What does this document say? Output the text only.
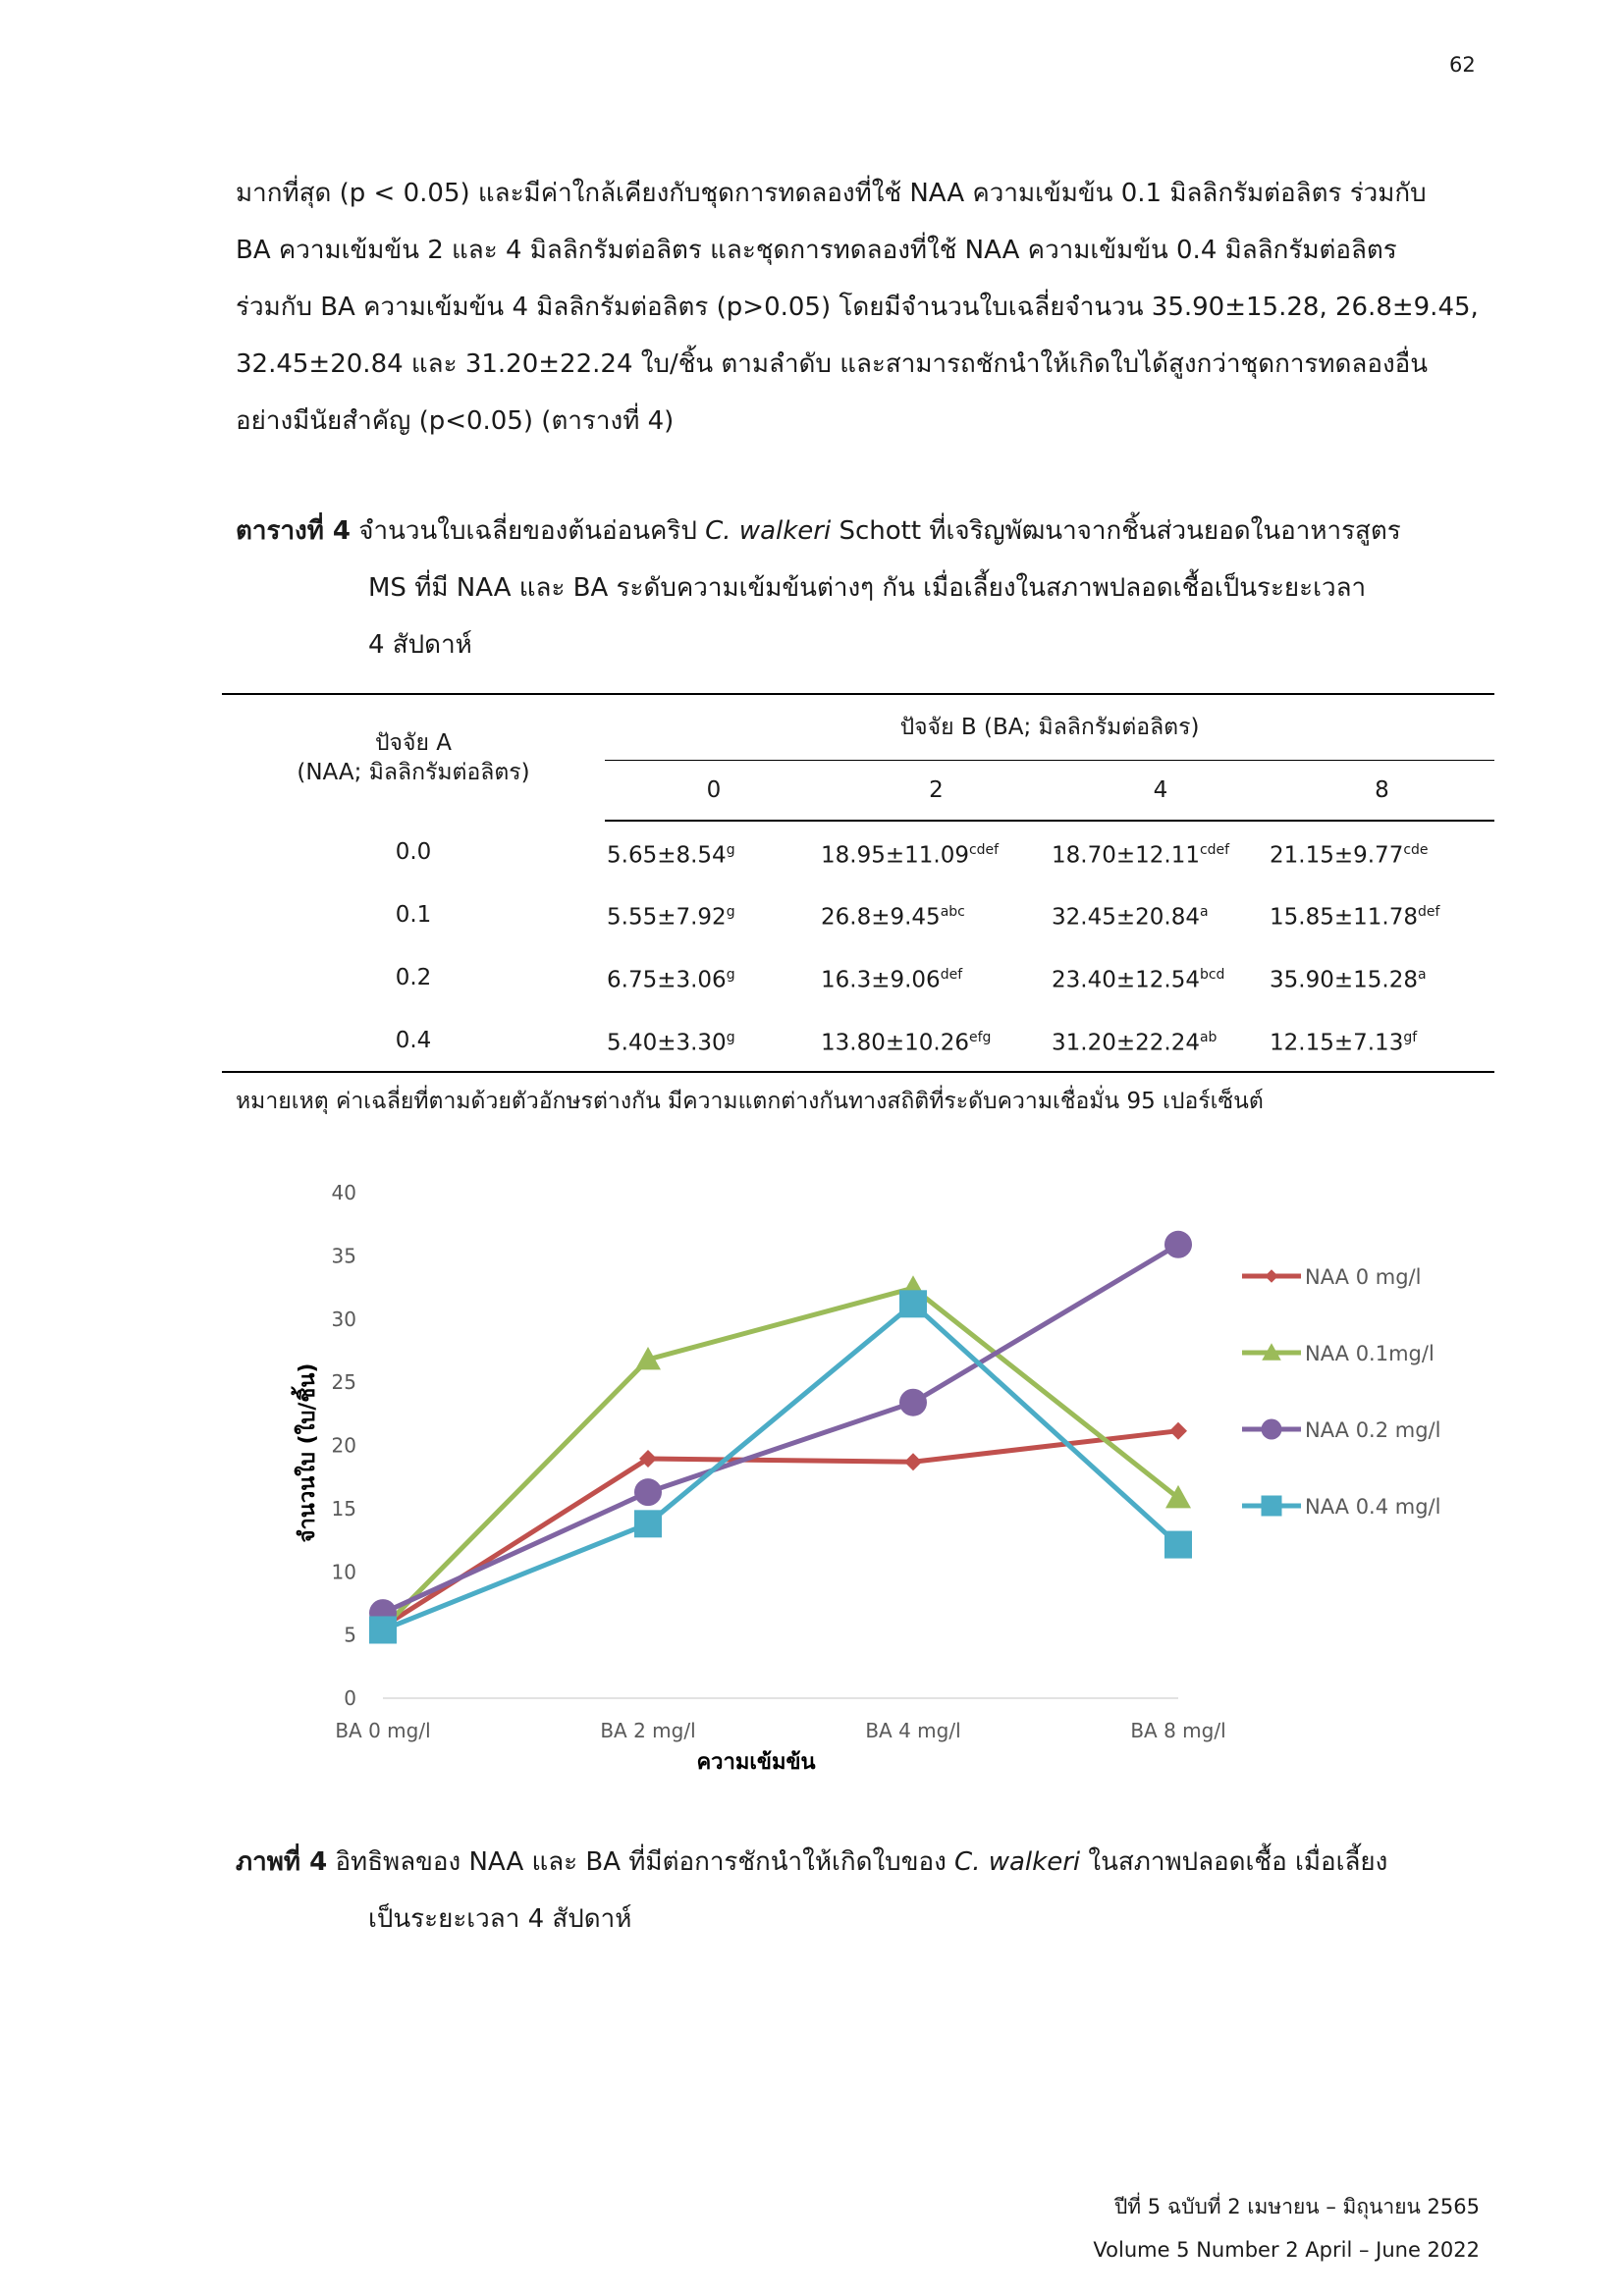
62
มากที่สุด (p < 0.05) และมีค่าใกล้เคียงกับชุดการทดลองที่ใช้ NAA ความเข้มข้น 0.1 มิลลิกรัมต่อลิตร ร่วมกับ
BA ความเข้มข้น 2 และ 4 มิลลิกรัมต่อลิตร และชุดการทดลองที่ใช้ NAA ความเข้มข้น 0.4 มิลลิกรัมต่อลิตร
ร่วมกับ BA ความเข้มข้น 4 มิลลิกรัมต่อลิตร (p>0.05) โดยมีจำนวนใบเฉลี่ยจำนวน 35.90±15.28, 26.8±9.45,
32.45±20.84 และ 31.20±22.24 ใบ/ชิ้น ตามลำดับ และสามารถชักนำให้เกิดใบได้สูงกว่าชุดการทดลองอื่น
อย่างมีนัยสำคัญ (p<0.05) (ตารางที่ 4)
ตารางที่ 4 จำนวนใบเฉลี่ยของต้นอ่อนคริป C. walkeri Schott ที่เจริญพัฒนาจากชิ้นส่วนยอดในอาหารสูตร
MS ที่มี NAA และ BA ระดับความเข้มข้นต่างๆ กัน เมื่อเลี้ยงในสภาพปลอดเชื้อเป็นระยะเวลา
4 สัปดาห์
ปัจจัย A
(NAA; มิลลิกรัมต่อลิตร)	ปัจจัย B (BA; มิลลิกรัมต่อลิตร)			
	0	2	4	8
0.0	5.65±8.54$^g$	$18.95\pm 11.09^{cdef}$	$18.70\pm 12.11^{cdef}$	21.15±9.77$^{cde}$
0.1	5.55±7.92$^g$	26.8±9.45$^{abc}$	32.45±20.84$^a$	15.85±11.78$^{def}$
0.2	6.75±3.06$^g$	16.3±9.06$^{def}$	23.40±12.54$^{bcd}$	35.90±15.28$^a$
0.4	5.40±3.30$^g$	13.80±10.26$^{efg}$	31.20±22.24$^{ab}$	12.15±7.13$^{gf}$
หมายเหตุ ค่าเฉลี่ยที่ตามด้วยตัวอักษรต่างกัน มีความแตกต่างกันทางสถิติที่ระดับความเชื่อมั่น 95 เปอร์เซ็นต์
0
5
10
15
20
25
30
35
40
BA 0 mg/l	BA 2 mg/l	BA 4 mg/l	BA 8 mg/l
NAA 0 mg/l
NAA 0.1mg/l
NAA 0.2 mg/l
NAA 0.4 mg/l
จำนวนใบ (ใบ/ชิ้น)
ความเข้มข้น
ภาพที่ 4 อิทธิพลของ NAA และ BA ที่มีต่อการชักนำให้เกิดใบของ C. walkeri ในสภาพปลอดเชื้อ เมื่อเลี้ยง
เป็นระยะเวลา 4 สัปดาห์
ปีที่ 5 ฉบับที่ 2 เมษายน – มิถุนายน 2565
Volume 5 Number 2 April – June 2022
